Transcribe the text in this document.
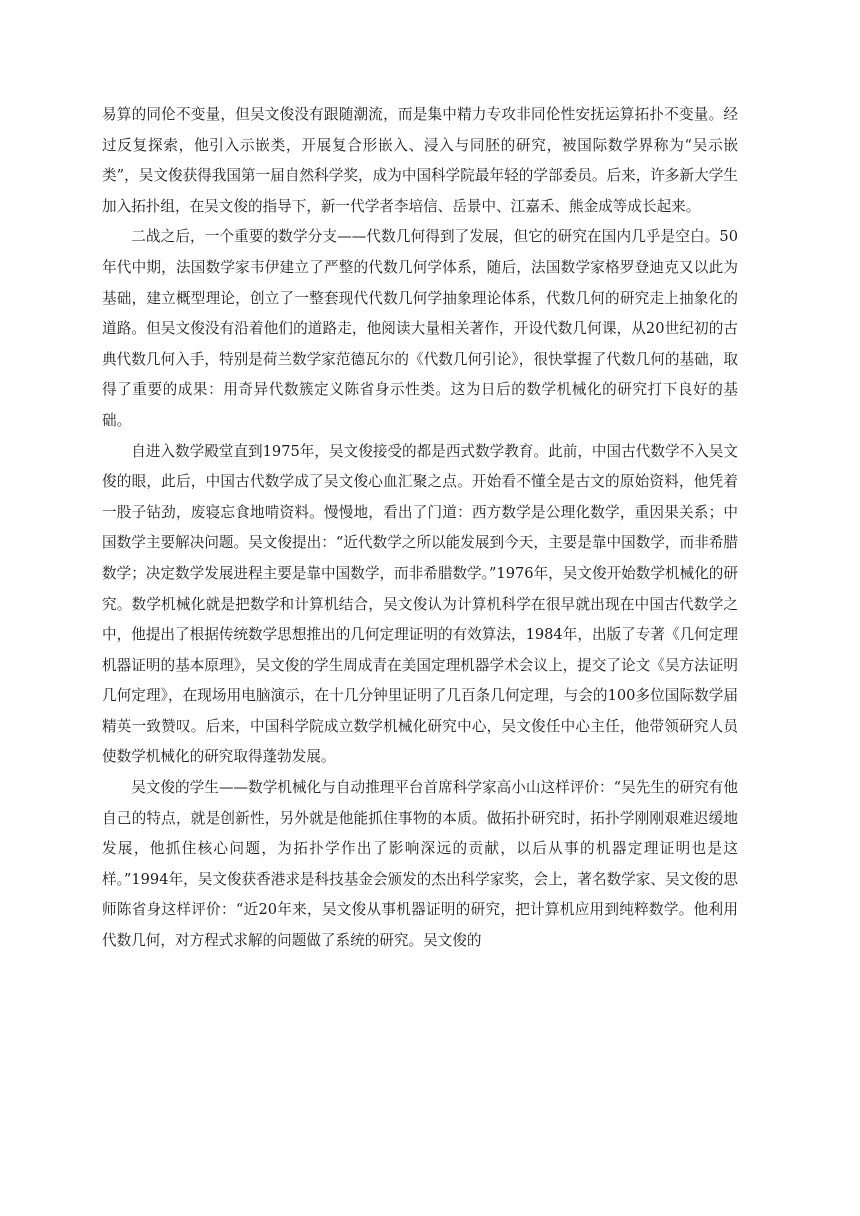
易算的同伦不变量，但吴文俊没有跟随潮流，而是集中精力专攻非同伦性安抚运算拓扑不变量。经过反复探索，他引入示嵌类，开展复合形嵌入、浸入与同胚的研究，被国际数学界称为“吴示嵌类”，吴文俊获得我国第一届自然科学奖，成为中国科学院最年轻的学部委员。后来，许多新大学生加入拓扑组，在吴文俊的指导下，新一代学者李培信、岳景中、江嘉禾、熊金成等成长起来。

二战之后，一个重要的数学分支——代数几何得到了发展，但它的研究在国内几乎是空白。50年代中期，法国数学家韦伊建立了严整的代数几何学体系，随后，法国数学家格罗登迪克又以此为基础，建立概型理论，创立了一整套现代代数几何学抽象理论体系，代数几何的研究走上抽象化的道路。但吴文俊没有沿着他们的道路走，他阅读大量相关著作，开设代数几何课，从20世纪初的古典代数几何入手，特别是荷兰数学家范德瓦尔的《代数几何引论》，很快掌握了代数几何的基础，取得了重要的成果：用奇异代数簇定义陈省身示性类。这为日后的数学机械化的研究打下良好的基础。

自进入数学殿堂直到1975年，吴文俊接受的都是西式数学教育。此前，中国古代数学不入吴文俊的眼，此后，中国古代数学成了吴文俊心血汇聚之点。开始看不懂全是古文的原始资料，他凭着一股子钻劲，废寝忘食地啃资料。慢慢地，看出了门道：西方数学是公理化数学，重因果关系；中国数学主要解决问题。吴文俊提出：“近代数学之所以能发展到今天，主要是靠中国数学，而非希腊数学；决定数学发展进程主要是靠中国数学，而非希腊数学。”1976年，吴文俊开始数学机械化的研究。数学机械化就是把数学和计算机结合，吴文俊认为计算机科学在很早就出现在中国古代数学之中，他提出了根据传统数学思想推出的几何定理证明的有效算法，1984年，出版了专著《几何定理机器证明的基本原理》，吴文俊的学生周成青在美国定理机器学术会议上，提交了论文《吴方法证明几何定理》，在现场用电脑演示，在十几分钟里证明了几百条几何定理，与会的100多位国际数学届精英一致赞叹。后来，中国科学院成立数学机械化研究中心，吴文俊任中心主任，他带领研究人员使数学机械化的研究取得蓬勃发展。

吴文俊的学生——数学机械化与自动推理平台首席科学家高小山这样评价：“吴先生的研究有他自己的特点，就是创新性，另外就是他能抓住事物的本质。做拓扑研究时，拓扑学刚刚艰难迟缓地发展，他抓住核心问题，为拓扑学作出了影响深远的贡献，以后从事的机器定理证明也是这样。”1994年，吴文俊获香港求是科技基金会颁发的杰出科学家奖，会上，著名数学家、吴文俊的思师陈省身这样评价：“近20年来，吴文俊从事机器证明的研究，把计算机应用到纯粹数学。他利用代数几何，对方程式求解的问题做了系统的研究。吴文俊的
